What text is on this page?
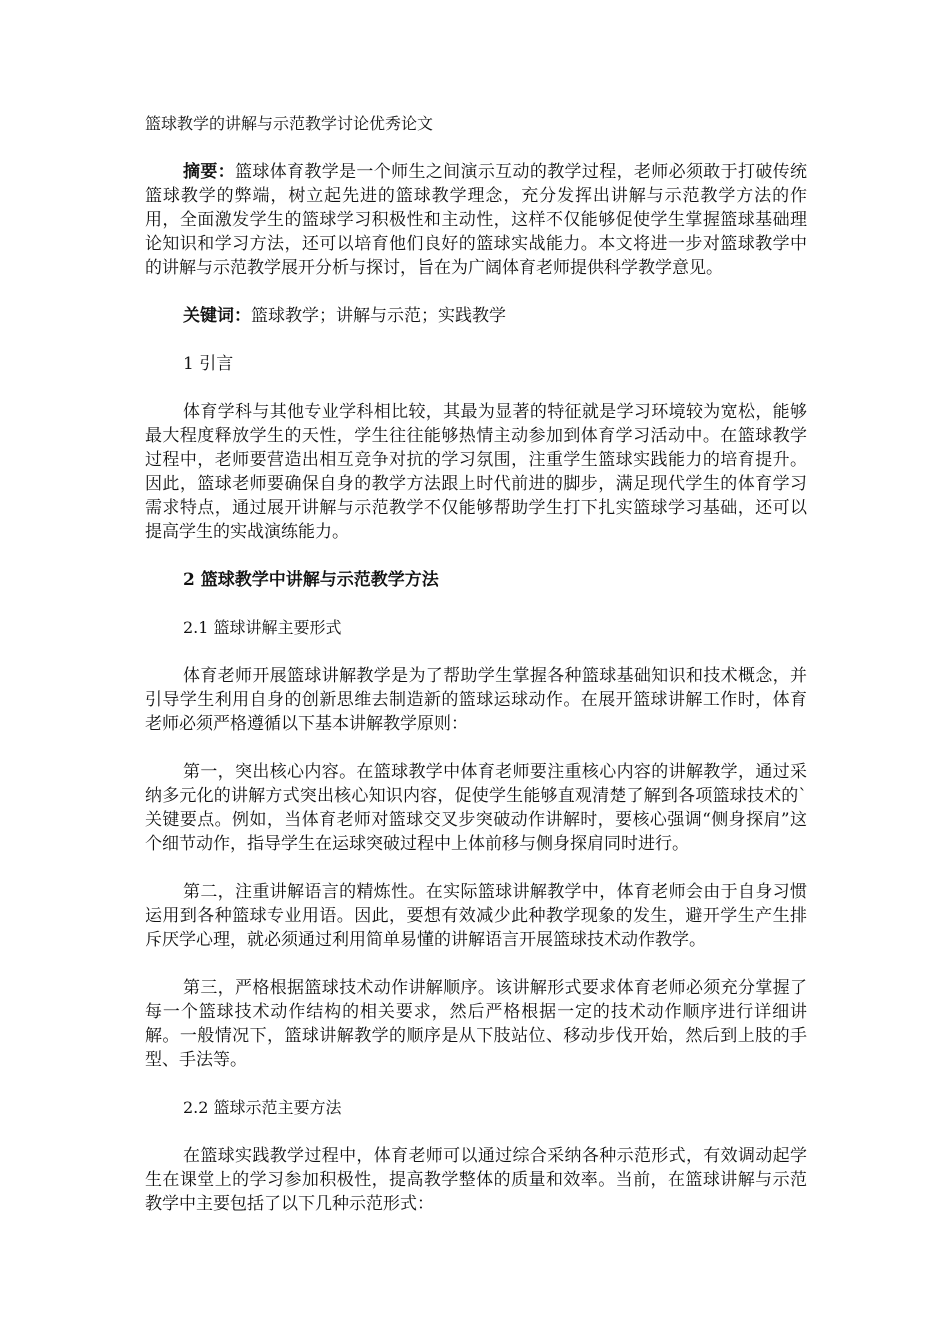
篮球教学的讲解与示范教学讨论优秀论文

摘要：篮球体育教学是一个师生之间演示互动的教学过程，老师必须敢于打破传统篮球教学的弊端，树立起先进的篮球教学理念，充分发挥出讲解与示范教学方法的作用，全面激发学生的篮球学习积极性和主动性，这样不仅能够促使学生掌握篮球基础理论知识和学习方法，还可以培育他们良好的篮球实战能力。本文将进一步对篮球教学中的讲解与示范教学展开分析与探讨，旨在为广阔体育老师提供科学教学意见。

关键词：篮球教学；讲解与示范；实践教学

1 引言

体育学科与其他专业学科相比较，其最为显著的特征就是学习环境较为宽松，能够最大程度释放学生的天性，学生往往能够热情主动参加到体育学习活动中。在篮球教学过程中，老师要营造出相互竞争对抗的学习氛围，注重学生篮球实践能力的培育提升。因此，篮球老师要确保自身的教学方法跟上时代前进的脚步，满足现代学生的体育学习需求特点，通过展开讲解与示范教学不仅能够帮助学生打下扎实篮球学习基础，还可以提高学生的实战演练能力。

2 篮球教学中讲解与示范教学方法

2.1 篮球讲解主要形式

体育老师开展篮球讲解教学是为了帮助学生掌握各种篮球基础知识和技术概念，并引导学生利用自身的创新思维去制造新的篮球运球动作。在展开篮球讲解工作时，体育老师必须严格遵循以下基本讲解教学原则：

第一，突出核心内容。在篮球教学中体育老师要注重核心内容的讲解教学，通过采纳多元化的讲解方式突出核心知识内容，促使学生能够直观清楚了解到各项篮球技术的`关键要点。例如，当体育老师对篮球交叉步突破动作讲解时，要核心强调“侧身探肩”这个细节动作，指导学生在运球突破过程中上体前移与侧身探肩同时进行。

第二，注重讲解语言的精炼性。在实际篮球讲解教学中，体育老师会由于自身习惯运用到各种篮球专业用语。因此，要想有效减少此种教学现象的发生，避开学生产生排斥厌学心理，就必须通过利用简单易懂的讲解语言开展篮球技术动作教学。

第三，严格根据篮球技术动作讲解顺序。该讲解形式要求体育老师必须充分掌握了每一个篮球技术动作结构的相关要求，然后严格根据一定的技术动作顺序进行详细讲解。一般情况下，篮球讲解教学的顺序是从下肢站位、移动步伐开始，然后到上肢的手型、手法等。

2.2 篮球示范主要方法

在篮球实践教学过程中，体育老师可以通过综合采纳各种示范形式，有效调动起学生在课堂上的学习参加积极性，提高教学整体的质量和效率。当前，在篮球讲解与示范教学中主要包括了以下几种示范形式：
